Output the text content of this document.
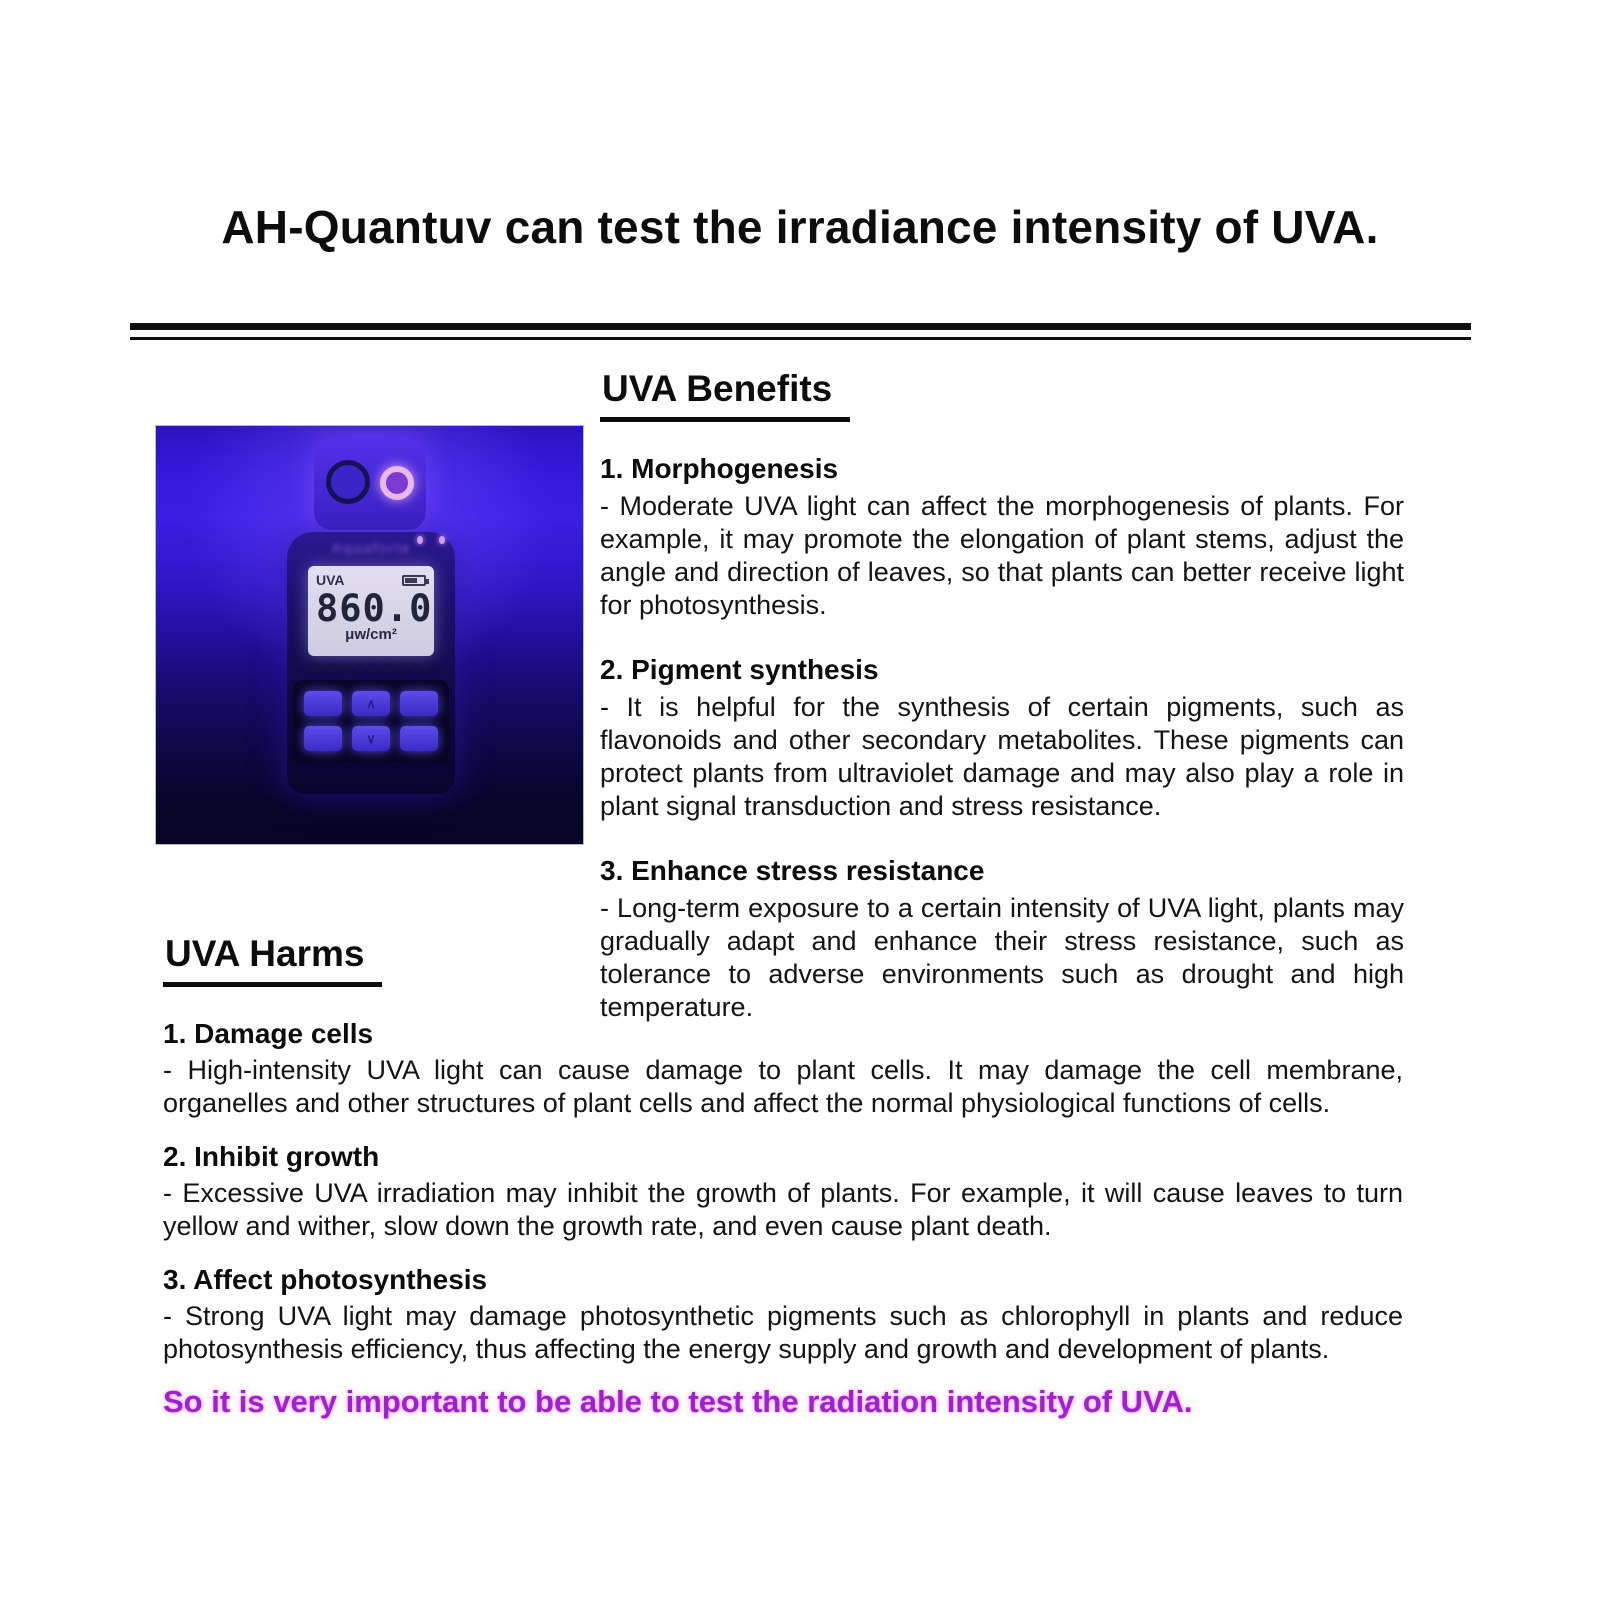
AH-Quantuv can test the irradiance intensity of UVA.
Aquaforte
UVA
860.0
μw/cm²
∧
∨
UVA Benefits
1. Morphogenesis

- Moderate UVA light can affect the morphogenesis of plants. For example, it may promote the elongation of plant stems, adjust the angle and direction of leaves, so that plants can better receive light for photosynthesis.

2. Pigment synthesis

- It is helpful for the synthesis of certain pigments, such as flavonoids and other secondary metabolites. These pigments can protect plants from ultraviolet damage and may also play a role in plant signal transduction and stress resistance.

3. Enhance stress resistance

- Long-term exposure to a certain intensity of UVA light, plants may gradually adapt and enhance their stress resistance, such as tolerance to adverse environments such as drought and high temperature.

UVA Harms
1. Damage cells

- High-intensity UVA light can cause damage to plant cells. It may damage the cell membrane, organelles and other structures of plant cells and affect the normal physiological functions of cells.

2. Inhibit growth

- Excessive UVA irradiation may inhibit the growth of plants. For example, it will cause leaves to turn yellow and wither, slow down the growth rate, and even cause plant death.

3. Affect photosynthesis

- Strong UVA light may damage photosynthetic pigments such as chlorophyll in plants and reduce photosynthesis efficiency, thus affecting the energy supply and growth and development of plants.

So it is very important to be able to test the radiation intensity of UVA.
